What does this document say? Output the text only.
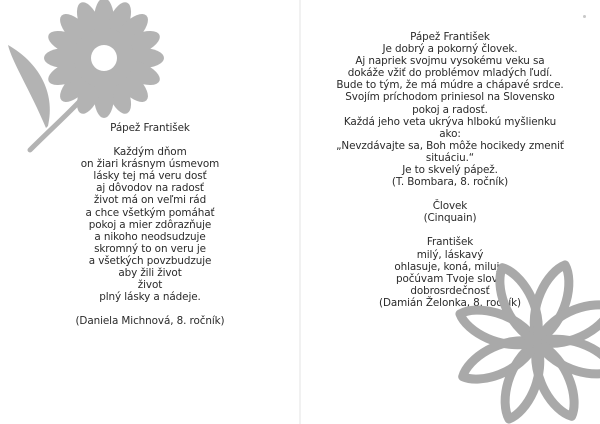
Pápež František
Každým dňom
on žiari krásnym úsmevom
lásky tej má veru dosť
aj dôvodov na radosť
život má on veľmi rád
a chce všetkým pomáhať
pokoj a mier zdôrazňuje
a nikoho neodsudzuje
skromný to on veru je
a všetkých povzbudzuje
aby žili život
život
plný lásky a nádeje.
(Daniela Michnová, 8. ročník)
Pápež František
Je dobrý a pokorný človek.
Aj napriek svojmu vysokému veku sa
dokáže vžiť do problémov mladých ľudí.
Bude to tým, že má múdre a chápavé srdce.
Svojím príchodom priniesol na Slovensko
pokoj a radosť.
Každá jeho veta ukrýva hlbokú myšlienku
ako:
„Nevzdávajte sa, Boh môže hocikedy zmeniť
situáciu.“
Je to skvelý pápež.
(T. Bombara, 8. ročník)
Človek
(Cinquain)
František
milý, láskavý
ohlasuje, koná, miluje
počúvam Tvoje slová
dobrosrdečnosť
(Damián Želonka, 8. ročník)
